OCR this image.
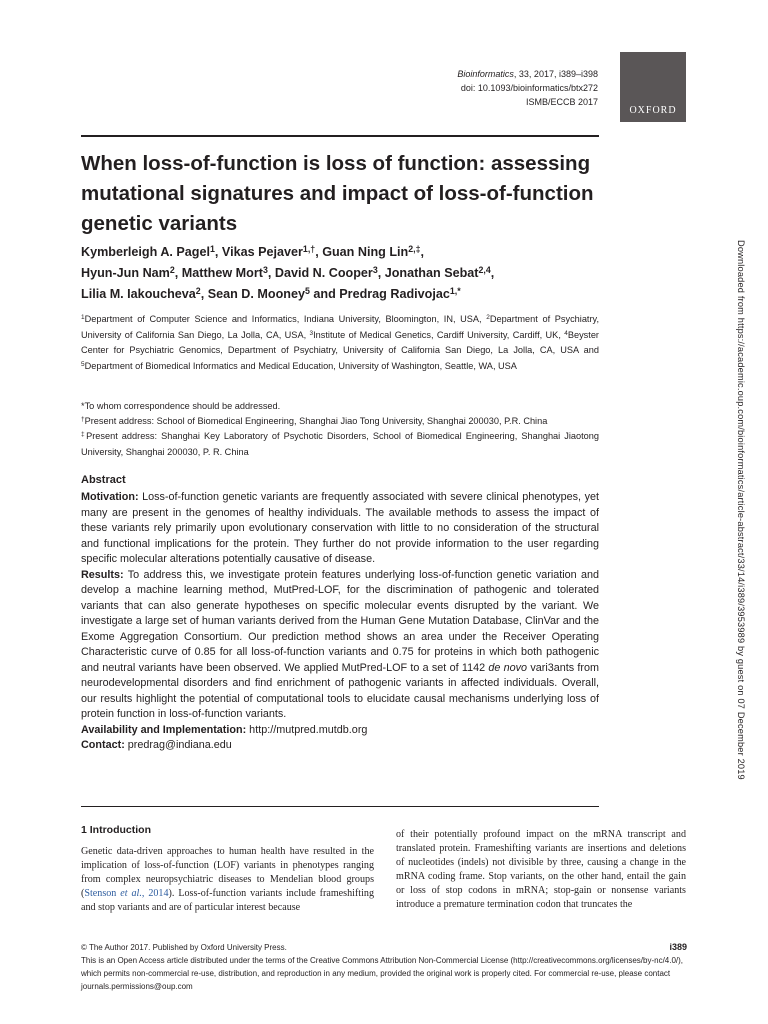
Bioinformatics, 33, 2017, i389–i398
doi: 10.1093/bioinformatics/btx272
ISMB/ECCB 2017
OXFORD
When loss-of-function is loss of function: assessing mutational signatures and impact of loss-of-function genetic variants
Kymberleigh A. Pagel$^1$, Vikas Pejaver$^{1,\dagger}$, Guan Ning Lin$^{2,\ddagger}$,
Hyun-Jun Nam$^2$, Matthew Mort$^3$, David N. Cooper$^3$, Jonathan Sebat$^{2,4}$,
Lilia M. Iakoucheva$^2$, Sean D. Mooney$^5$ and Predrag Radivojac$^{1,*}$

$^1$Department of Computer Science and Informatics, Indiana University, Bloomington, IN, USA, $^2$Department of Psychiatry, University of California San Diego, La Jolla, CA, USA, $^3$Institute of Medical Genetics, Cardiff University, Cardiff, UK, $^4$Beyster Center for Psychiatric Genomics, Department of Psychiatry, University of California San Diego, La Jolla, CA, USA and $^5$Department of Biomedical Informatics and Medical Education, University of Washington, Seattle, WA, USA

*To whom correspondence should be addressed.

†Present address: School of Biomedical Engineering, Shanghai Jiao Tong University, Shanghai 200030, P.R. China

‡Present address: Shanghai Key Laboratory of Psychotic Disorders, School of Biomedical Engineering, Shanghai Jiaotong University, Shanghai 200030, P. R. China

Abstract

Motivation: Loss-of-function genetic variants are frequently associated with severe clinical phenotypes, yet many are present in the genomes of healthy individuals. The available methods to assess the impact of these variants rely primarily upon evolutionary conservation with little to no consideration of the structural and functional implications for the protein. They further do not provide information to the user regarding specific molecular alterations potentially causative of disease.

Results: To address this, we investigate protein features underlying loss-of-function genetic variation and develop a machine learning method, MutPred-LOF, for the discrimination of pathogenic and tolerated variants that can also generate hypotheses on specific molecular events disrupted by the variant. We investigate a large set of human variants derived from the Human Gene Mutation Database, ClinVar and the Exome Aggregation Consortium. Our prediction method shows an area under the Receiver Operating Characteristic curve of 0.85 for all loss-of-function variants and 0.75 for proteins in which both pathogenic and neutral variants have been observed. We applied MutPred-LOF to a set of 1142 de novo vari3ants from neurodevelopmental disorders and find enrichment of pathogenic variants in affected individuals. Overall, our results highlight the potential of computational tools to elucidate causal mechanisms underlying loss of protein function in loss-of-function variants.

Availability and Implementation: http://mutpred.mutdb.org

Contact: predrag@indiana.edu

1 Introduction

Genetic data-driven approaches to human health have resulted in the implication of loss-of-function (LOF) variants in phenotypes ranging from complex neuropsychiatric diseases to Mendelian blood groups (Stenson et al., 2014). Loss-of-function variants include frameshifting and stop variants and are of particular interest because

of their potentially profound impact on the mRNA transcript and translated protein. Frameshifting variants are insertions and deletions of nucleotides (indels) not divisible by three, causing a change in the mRNA coding frame. Stop variants, on the other hand, entail the gain or loss of stop codons in mRNA; stop-gain or nonsense variants introduce a premature termination codon that truncates the

© The Author 2017. Published by Oxford University Press.	i389

This is an Open Access article distributed under the terms of the Creative Commons Attribution Non-Commercial License (http://creativecommons.org/licenses/by-nc/4.0/), which permits non-commercial re-use, distribution, and reproduction in any medium, provided the original work is properly cited. For commercial re-use, please contact journals.permissions@oup.com

Downloaded from https://academic.oup.com/bioinformatics/article-abstract/33/14/i389/3953989 by guest on 07 December 2019
